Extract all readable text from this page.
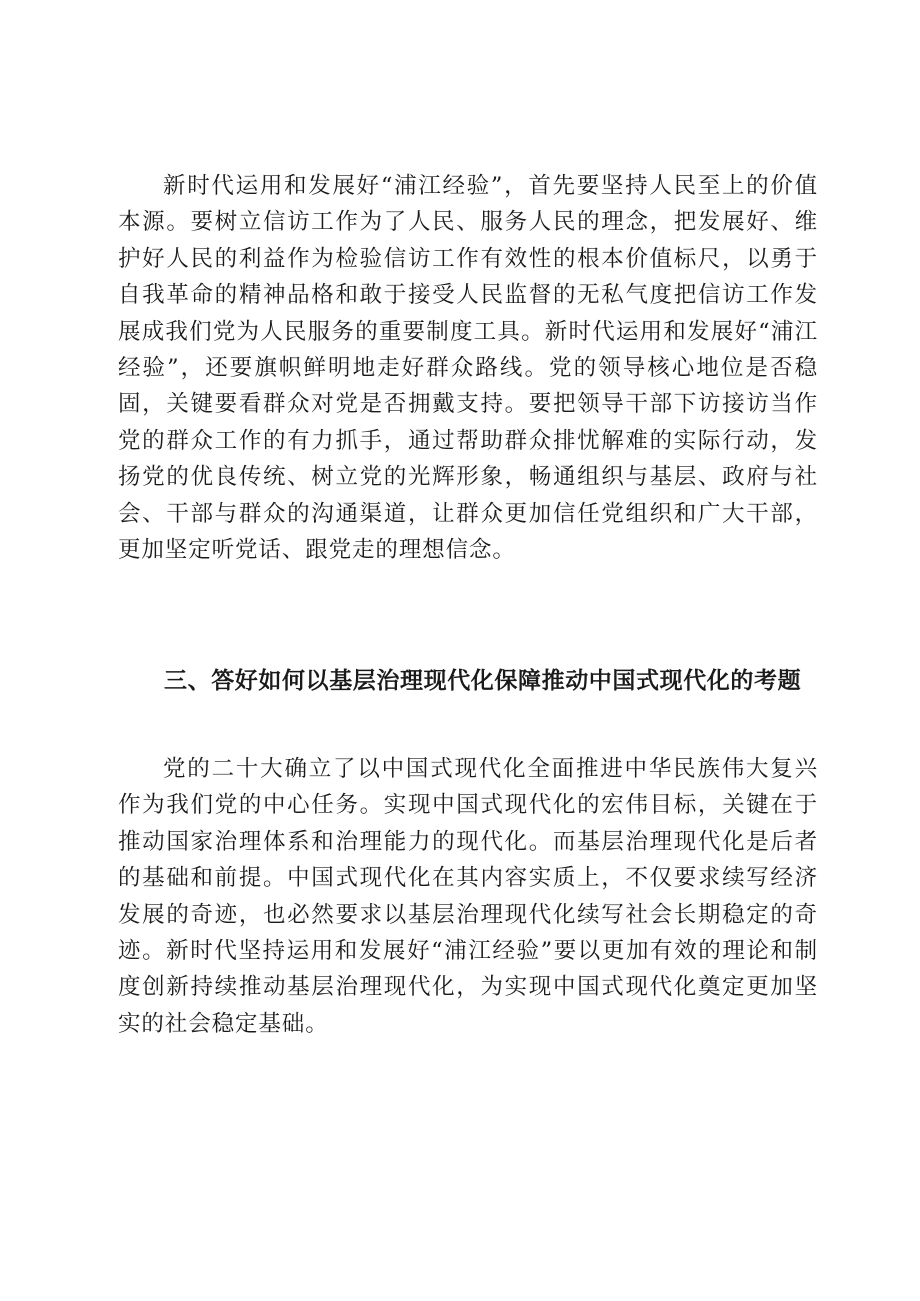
新时代运用和发展好“浦江经验”，首先要坚持人民至上的价值本源。要树立信访工作为了人民、服务人民的理念，把发展好、维护好人民的利益作为检验信访工作有效性的根本价值标尺，以勇于自我革命的精神品格和敢于接受人民监督的无私气度把信访工作发展成我们党为人民服务的重要制度工具。新时代运用和发展好“浦江经验”，还要旗帜鲜明地走好群众路线。党的领导核心地位是否稳固，关键要看群众对党是否拥戴支持。要把领导干部下访接访当作党的群众工作的有力抓手，通过帮助群众排忧解难的实际行动，发扬党的优良传统、树立党的光辉形象，畅通组织与基层、政府与社会、干部与群众的沟通渠道，让群众更加信任党组织和广大干部，更加坚定听党话、跟党走的理想信念。

三、答好如何以基层治理现代化保障推动中国式现代化的考题

党的二十大确立了以中国式现代化全面推进中华民族伟大复兴作为我们党的中心任务。实现中国式现代化的宏伟目标，关键在于推动国家治理体系和治理能力的现代化。而基层治理现代化是后者的基础和前提。中国式现代化在其内容实质上，不仅要求续写经济发展的奇迹，也必然要求以基层治理现代化续写社会长期稳定的奇迹。新时代坚持运用和发展好“浦江经验”要以更加有效的理论和制度创新持续推动基层治理现代化，为实现中国式现代化奠定更加坚实的社会稳定基础。
